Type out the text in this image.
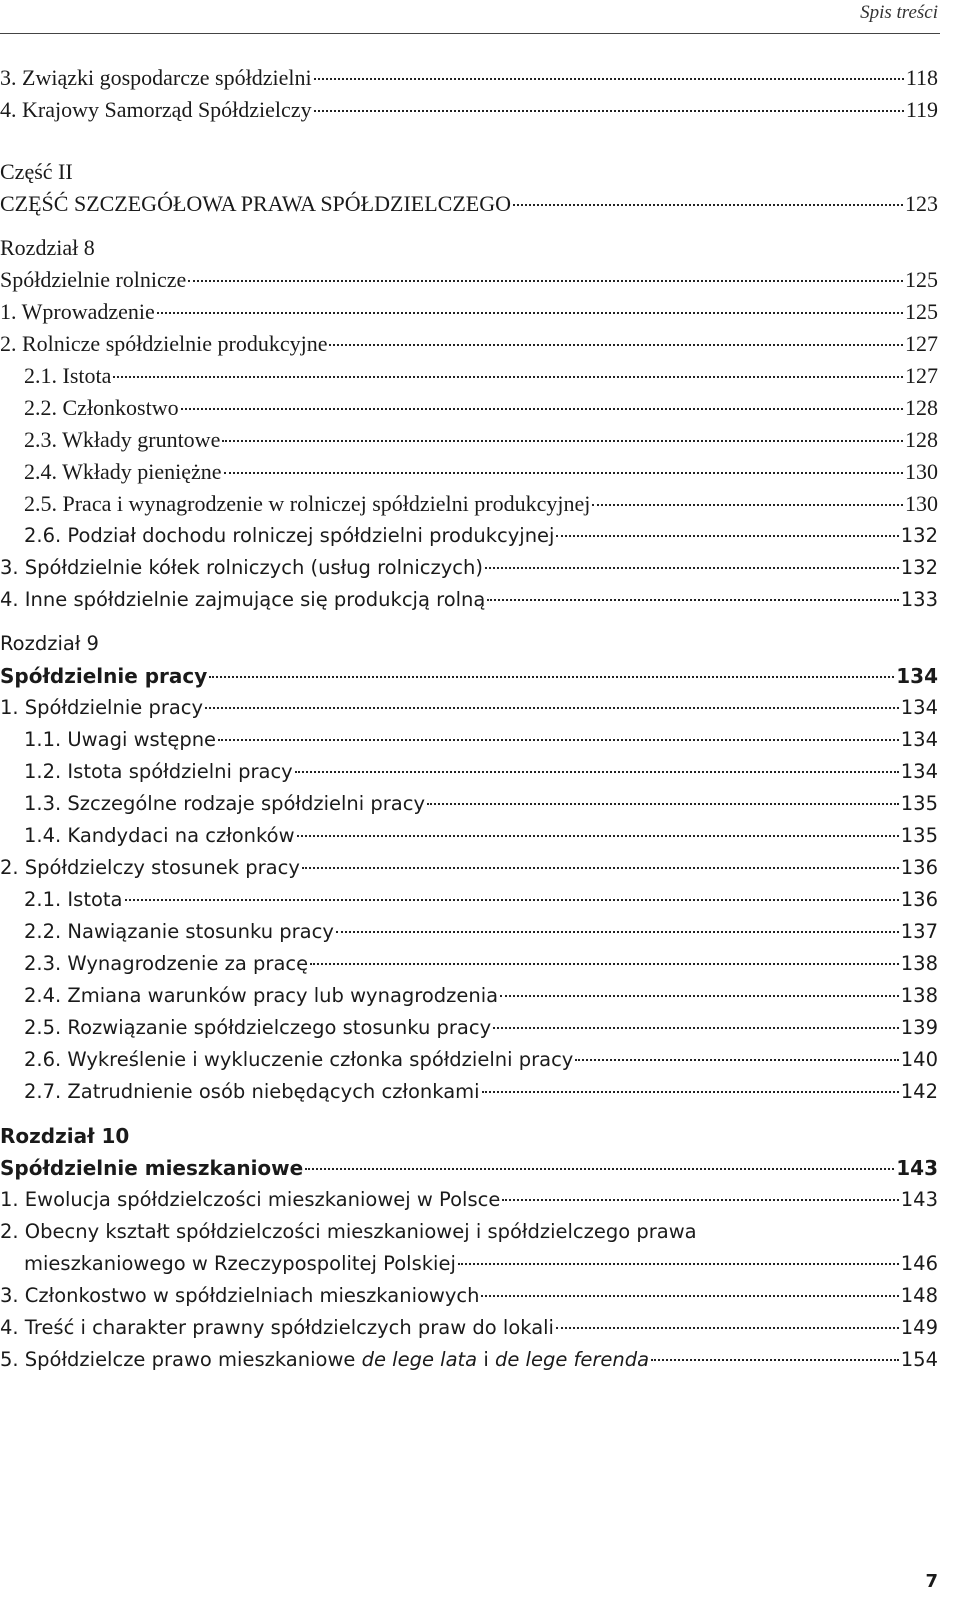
Spis treści
3. Związki gospodarcze spółdzielni	118
4. Krajowy Samorząd Spółdzielczy	119
Część II
CZĘŚĆ SZCZEGÓŁOWA PRAWA SPÓŁDZIELCZEGO	123
Rozdział 8
Spółdzielnie rolnicze	125
1. Wprowadzenie	125
2. Rolnicze spółdzielnie produkcyjne	127
2.1. Istota	127
2.2. Członkostwo	128
2.3. Wkłady gruntowe	128
2.4. Wkłady pieniężne	130
2.5. Praca i wynagrodzenie w rolniczej spółdzielni produkcyjnej	130
2.6. Podział dochodu rolniczej spółdzielni produkcyjnej	132
3. Spółdzielnie kółek rolniczych (usług rolniczych)	132
4. Inne spółdzielnie zajmujące się produkcją rolną	133
Rozdział 9
Spółdzielnie pracy	134
1. Spółdzielnie pracy	134
1.1. Uwagi wstępne	134
1.2. Istota spółdzielni pracy	134
1.3. Szczególne rodzaje spółdzielni pracy	135
1.4. Kandydaci na członków	135
2. Spółdzielczy stosunek pracy	136
2.1. Istota	136
2.2. Nawiązanie stosunku pracy	137
2.3. Wynagrodzenie za pracę	138
2.4. Zmiana warunków pracy lub wynagrodzenia	138
2.5. Rozwiązanie spółdzielczego stosunku pracy	139
2.6. Wykreślenie i wykluczenie członka spółdzielni pracy	140
2.7. Zatrudnienie osób niebędących członkami	142
Rozdział 10
Spółdzielnie mieszkaniowe	143
1. Ewolucja spółdzielczości mieszkaniowej w Polsce	143
2. Obecny kształt spółdzielczości mieszkaniowej i spółdzielczego prawa
mieszkaniowego w Rzeczypospolitej Polskiej	146
3. Członkostwo w spółdzielniach mieszkaniowych	148
4. Treść i charakter prawny spółdzielczych praw do lokali	149
5. Spółdzielcze prawo mieszkaniowe de lege lata i de lege ferenda	154
7
